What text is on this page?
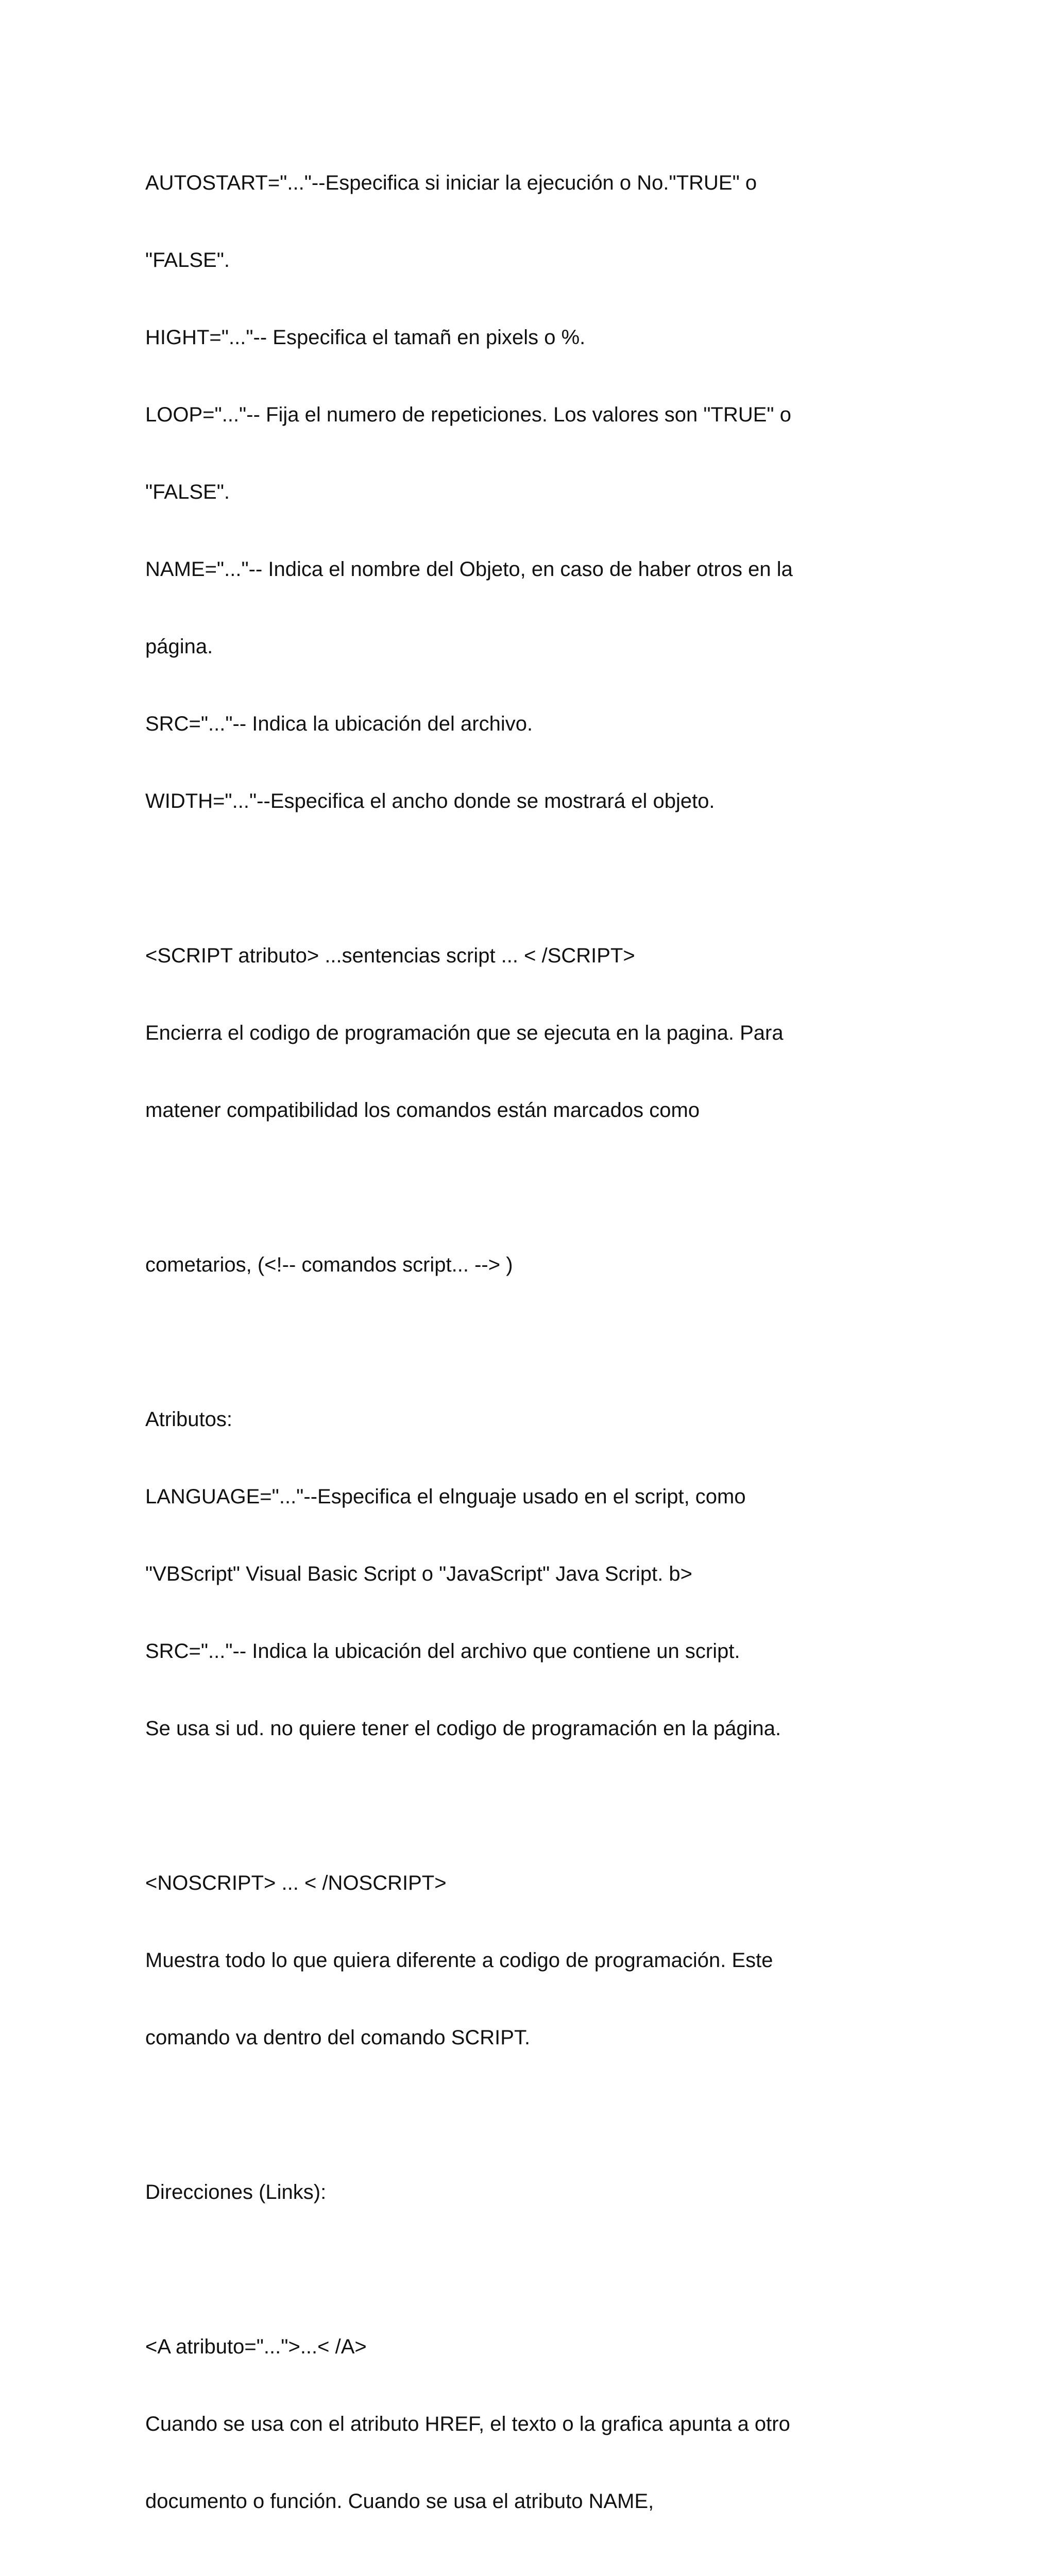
AUTOSTART="..."--Especifica si iniciar la ejecución o No."TRUE" o

"FALSE".

HIGHT="..."-- Especifica el tamañ en pixels o %.

LOOP="..."-- Fija el numero de repeticiones. Los valores son "TRUE" o

"FALSE".

NAME="..."-- Indica el nombre del Objeto, en caso de haber otros en la

página.

SRC="..."-- Indica la ubicación del archivo.

WIDTH="..."--Especifica el ancho donde se mostrará el objeto.

<SCRIPT atributo> ...sentencias script ... < /SCRIPT>

Encierra el codigo de programación que se ejecuta en la pagina. Para

matener compatibilidad los comandos están marcados como

cometarios, (<!-- comandos script... --> )

Atributos:

LANGUAGE="..."--Especifica el elnguaje usado en el script, como

"VBScript" Visual Basic Script o "JavaScript" Java Script. b>

SRC="..."-- Indica la ubicación del archivo que contiene un script.

Se usa si ud. no quiere tener el codigo de programación en la página.

<NOSCRIPT> ... < /NOSCRIPT>

Muestra todo lo que quiera diferente a codigo de programación. Este

comando va dentro del comando SCRIPT.

Direcciones (Links):

<A atributo="...">...< /A>

Cuando se usa con el atributo HREF, el texto o la grafica apunta a otro

documento o función. Cuando se usa el atributo NAME,
